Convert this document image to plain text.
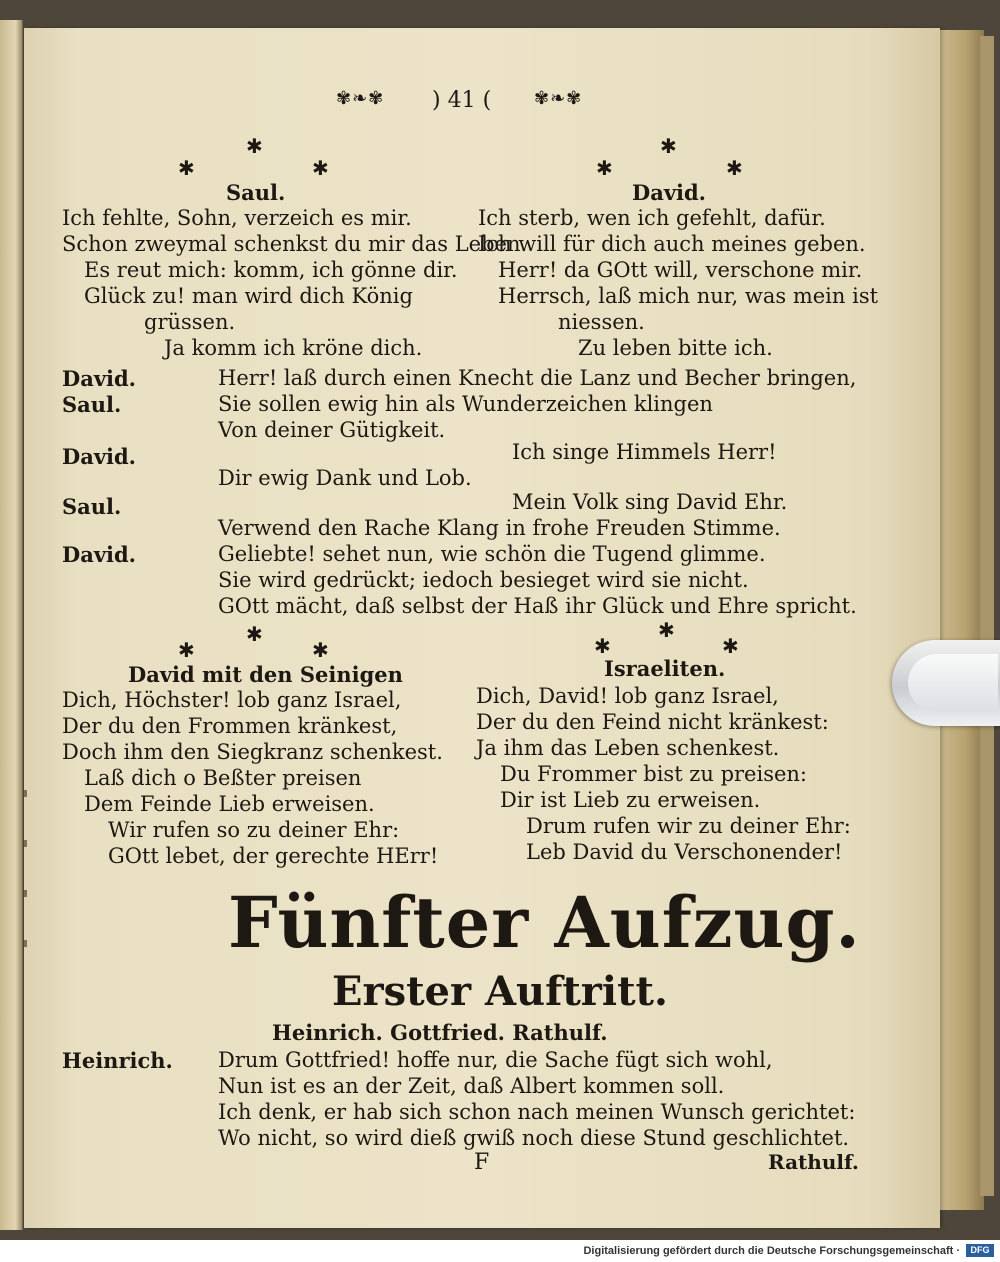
✾❧✾ ) 41 ( ✾❧✾
✱
✱	✱
✱
✱	✱
Saul.	David.
Ich fehlte, Sohn, verzeich es mir.
Schon zweymal schenkst du mir das Leben.
Es reut mich: komm, ich gönne dir.
Glück zu! man wird dich König
grüssen.
Ja komm ich kröne dich.
Ich sterb, wen ich gefehlt, dafür.
Ich will für dich auch meines geben.
Herr! da GOtt will, verschone mir.
Herrsch, laß mich nur, was mein ist
niessen.
Zu leben bitte ich.
David.	Herr! laß durch einen Knecht die Lanz und Becher bringen,
Saul.	Sie sollen ewig hin als Wunderzeichen klingen
Von deiner Gütigkeit.
David.	Ich singe Himmels Herr!
Dir ewig Dank und Lob.
Saul.	Mein Volk sing David Ehr.
Verwend den Rache Klang in frohe Freuden Stimme.
David.	Geliebte! sehet nun, wie schön die Tugend glimme.
Sie wird gedrückt; iedoch besieget wird sie nicht.
GOtt mächt, daß selbst der Haß ihr Glück und Ehre spricht.
✱
✱	✱
✱
✱	✱
David mit den Seinigen	Israeliten.
Dich, Höchster! lob ganz Israel,
Der du den Frommen kränkest,
Doch ihm den Siegkranz schenkest.
Laß dich o Beßter preisen
Dem Feinde Lieb erweisen.
Wir rufen so zu deiner Ehr:
GOtt lebet, der gerechte HErr!
Dich, David! lob ganz Israel,
Der du den Feind nicht kränkest:
Ja ihm das Leben schenkest.
Du Frommer bist zu preisen:
Dir ist Lieb zu erweisen.
Drum rufen wir zu deiner Ehr:
Leb David du Verschonender!
Fünfter Aufzug.
Erster Auftritt.
Heinrich. Gottfried. Rathulf.
Heinrich. Drum Gottfried! hoffe nur, die Sache fügt sich wohl,
Nun ist es an der Zeit, daß Albert kommen soll.
Ich denk, er hab sich schon nach meinen Wunsch gerichtet:
Wo nicht, so wird dieß gwiß noch diese Stund geschlichtet.
F	Rathulf.
Digitalisierung gefördert durch die Deutsche Forschungsgemeinschaft ·	DFG
